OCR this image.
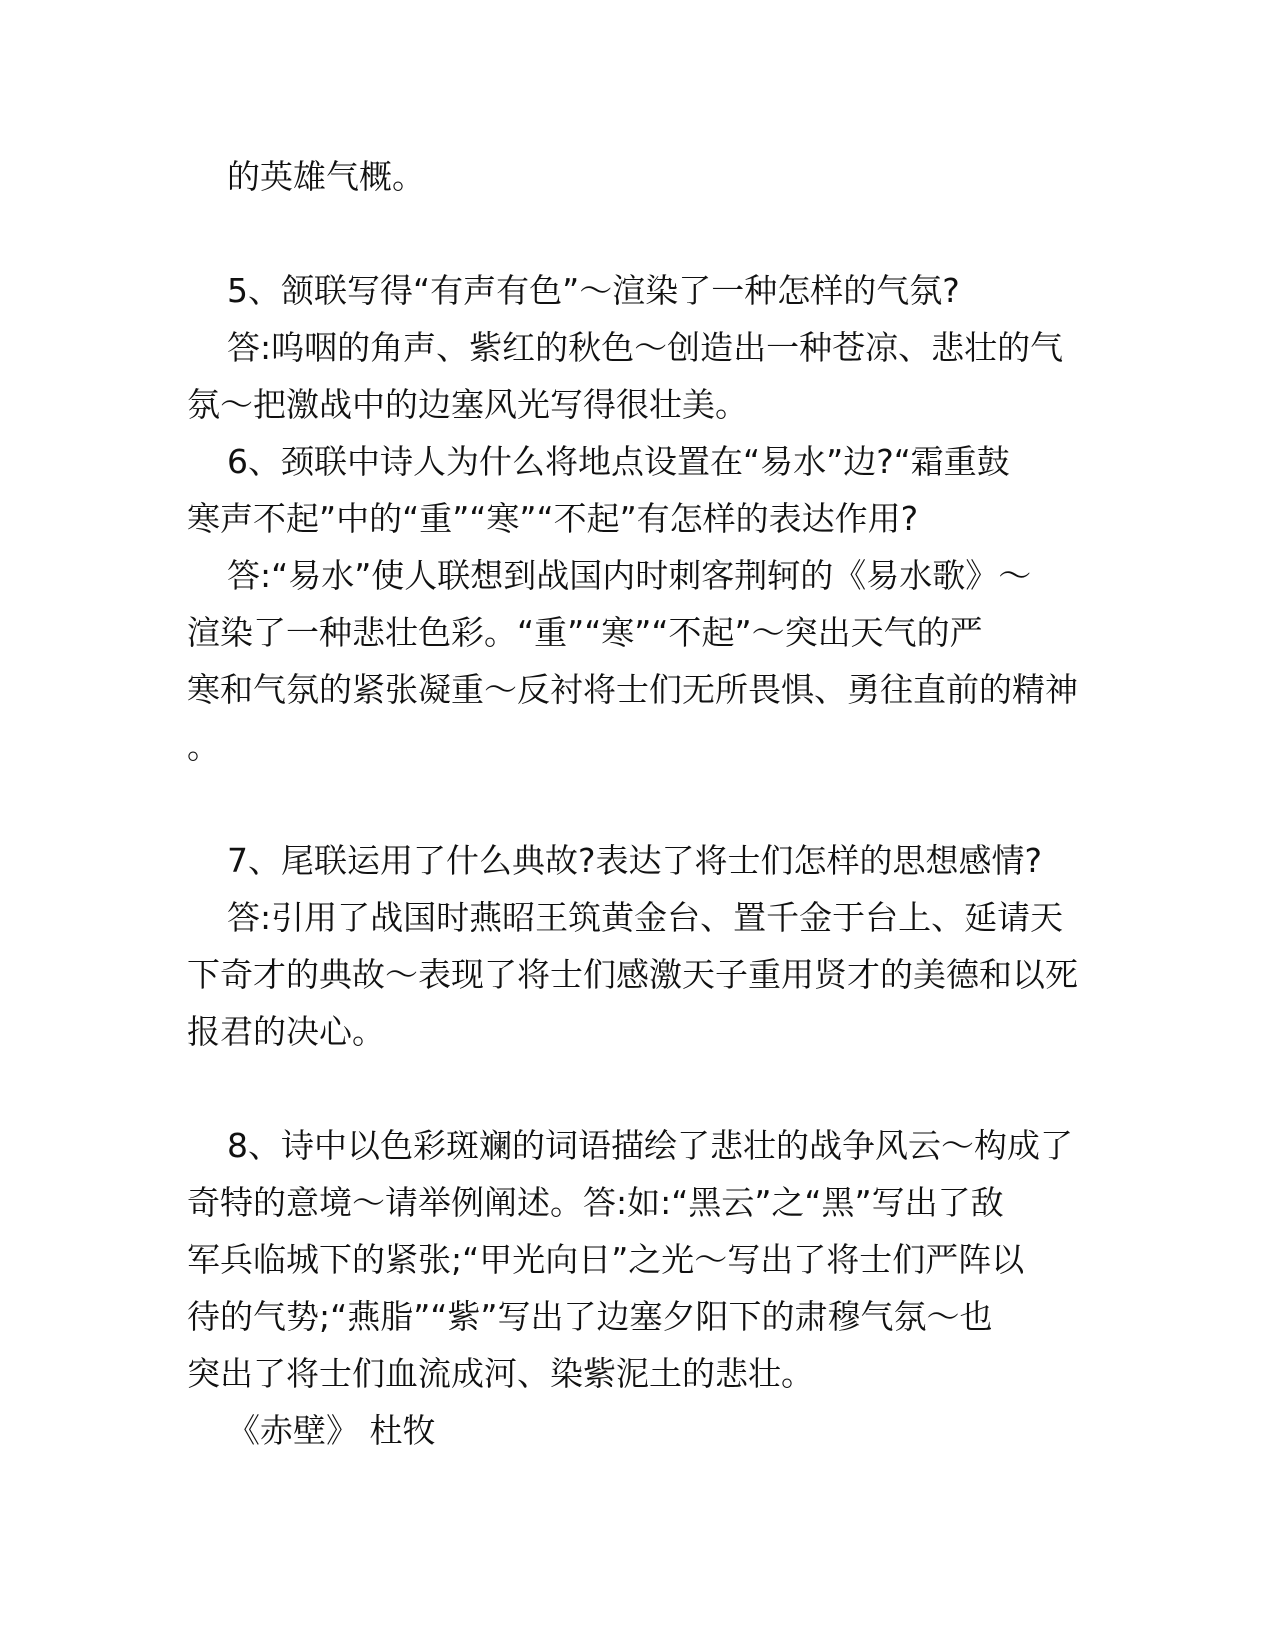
的英雄气概。
5、颔联写得“有声有色”～渲染了一种怎样的气氛?
答:呜咽的角声、紫红的秋色～创造出一种苍凉、悲壮的气
氛～把激战中的边塞风光写得很壮美。
6、颈联中诗人为什么将地点设置在“易水”边?“霜重鼓
寒声不起”中的“重”“寒”“不起”有怎样的表达作用?
答:“易水”使人联想到战国内时刺客荆轲的《易水歌》～
渲染了一种悲壮色彩。“重”“寒”“不起”～突出天气的严
寒和气氛的紧张凝重～反衬将士们无所畏惧、勇往直前的精神
。
7、尾联运用了什么典故?表达了将士们怎样的思想感情?
答:引用了战国时燕昭王筑黄金台、置千金于台上、延请天
下奇才的典故～表现了将士们感激天子重用贤才的美德和以死
报君的决心。
8、诗中以色彩斑斓的词语描绘了悲壮的战争风云～构成了
奇特的意境～请举例阐述。答:如:“黑云”之“黑”写出了敌
军兵临城下的紧张;“甲光向日”之光～写出了将士们严阵以
待的气势;“燕脂”“紫”写出了边塞夕阳下的肃穆气氛～也
突出了将士们血流成河、染紫泥土的悲壮。
《赤壁》 杜牧
